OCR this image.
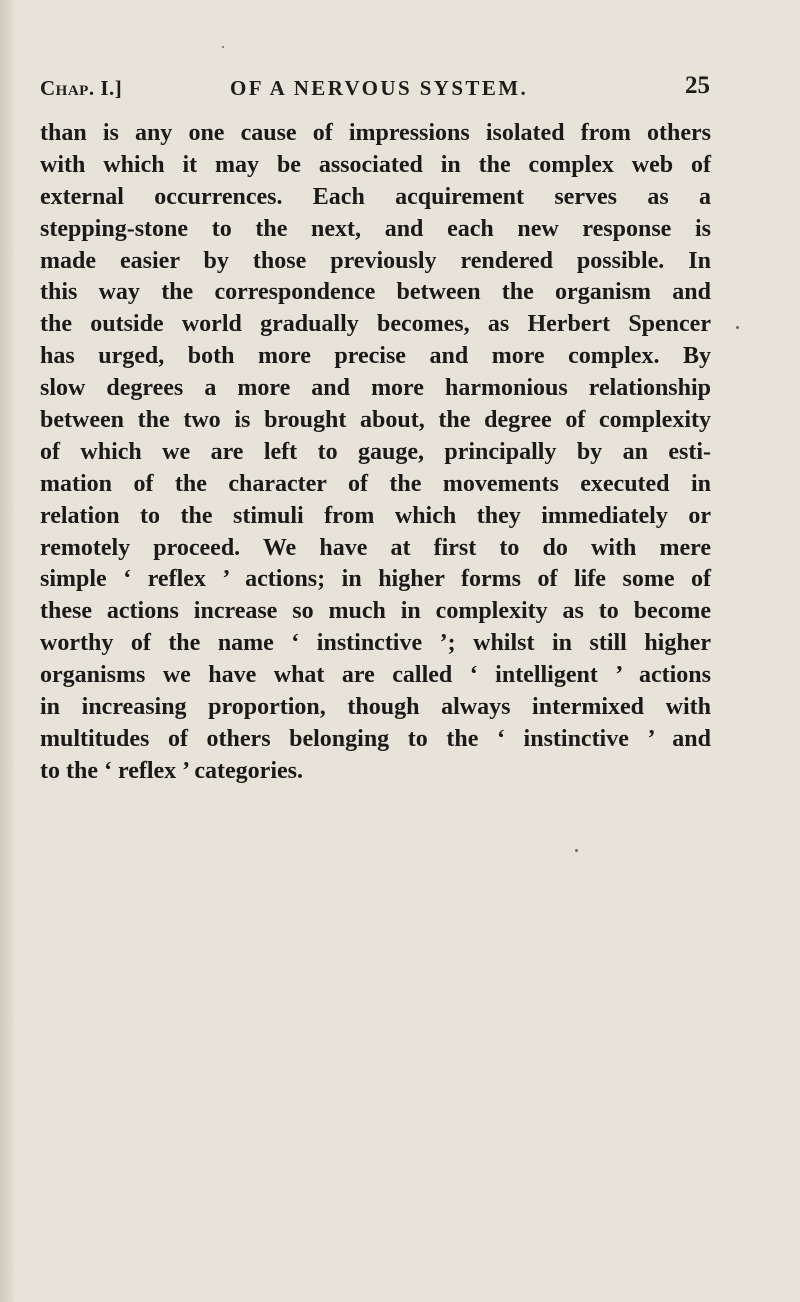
Chap. I.]	OF A NERVOUS SYSTEM.	25
than is any one cause of impressions isolated from others
with which it may be associated in the complex web of
external occurrences. Each acquirement serves as a
stepping-stone to the next, and each new response is
made easier by those previously rendered possible. In
this way the correspondence between the organism and
the outside world gradually becomes, as Herbert Spencer
has urged, both more precise and more complex. By
slow degrees a more and more harmonious relationship
between the two is brought about, the degree of complexity
of which we are left to gauge, principally by an esti-
mation of the character of the movements executed in
relation to the stimuli from which they immediately or
remotely proceed. We have at first to do with mere
simple ‘ reflex ’ actions; in higher forms of life some of
these actions increase so much in complexity as to become
worthy of the name ‘ instinctive ’; whilst in still higher
organisms we have what are called ‘ intelligent ’ actions
in increasing proportion, though always intermixed with
multitudes of others belonging to the ‘ instinctive ’ and
to the ‘ reflex ’ categories.
